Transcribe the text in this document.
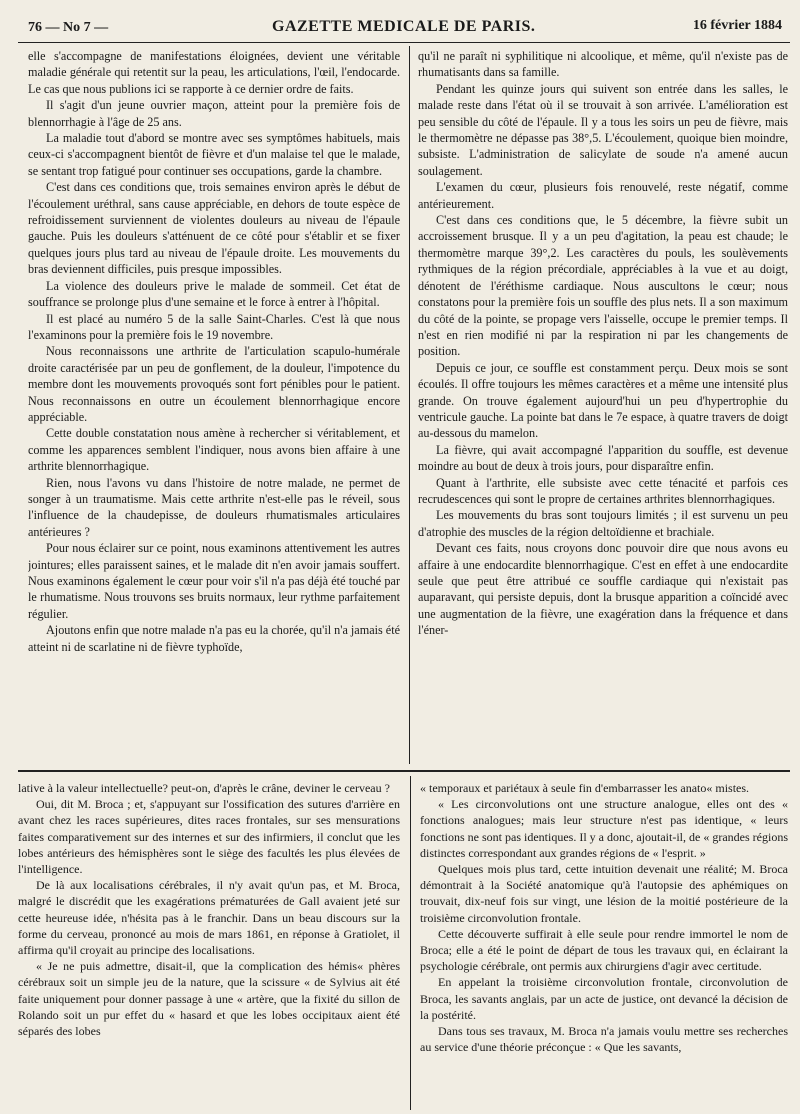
76 — No 7 —	GAZETTE MEDICALE DE PARIS.	16 février 1884

elle s'accompagne de manifestations éloignées, devient une véritable maladie générale qui retentit sur la peau, les articulations, l'œil, l'endocarde. Le cas que nous publions ici se rapporte à ce dernier ordre de faits.

Il s'agit d'un jeune ouvrier maçon, atteint pour la première fois de blennorrhagie à l'âge de 25 ans.

La maladie tout d'abord se montre avec ses symptômes habituels, mais ceux-ci s'accompagnent bientôt de fièvre et d'un malaise tel que le malade, se sentant trop fatigué pour continuer ses occupations, garde la chambre.

C'est dans ces conditions que, trois semaines environ après le début de l'écoulement uréthral, sans cause appréciable, en dehors de toute espèce de refroidissement surviennent de violentes douleurs au niveau de l'épaule gauche. Puis les douleurs s'atténuent de ce côté pour s'établir et se fixer quelques jours plus tard au niveau de l'épaule droite. Les mouvements du bras deviennent difficiles, puis presque impossibles.

La violence des douleurs prive le malade de sommeil. Cet état de souffrance se prolonge plus d'une semaine et le force à entrer à l'hôpital.

Il est placé au numéro 5 de la salle Saint-Charles. C'est là que nous l'examinons pour la première fois le 19 novembre.

Nous reconnaissons une arthrite de l'articulation scapulo-humérale droite caractérisée par un peu de gonflement, de la douleur, l'impotence du membre dont les mouvements provoqués sont fort pénibles pour le patient. Nous reconnaissons en outre un écoulement blennorrhagique encore appréciable.

Cette double constatation nous amène à rechercher si véritablement, et comme les apparences semblent l'indiquer, nous avons bien affaire à une arthrite blennorrhagique.

Rien, nous l'avons vu dans l'histoire de notre malade, ne permet de songer à un traumatisme. Mais cette arthrite n'est-elle pas le réveil, sous l'influence de la chaudepisse, de douleurs rhumatismales articulaires antérieures ?

Pour nous éclairer sur ce point, nous examinons attentivement les autres jointures; elles paraissent saines, et le malade dit n'en avoir jamais souffert. Nous examinons également le cœur pour voir s'il n'a pas déjà été touché par le rhumatisme. Nous trouvons ses bruits normaux, leur rythme parfaitement régulier.

Ajoutons enfin que notre malade n'a pas eu la chorée, qu'il n'a jamais été atteint ni de scarlatine ni de fièvre typhoïde,

qu'il ne paraît ni syphilitique ni alcoolique, et même, qu'il n'existe pas de rhumatisants dans sa famille.

Pendant les quinze jours qui suivent son entrée dans les salles, le malade reste dans l'état où il se trouvait à son arrivée. L'amélioration est peu sensible du côté de l'épaule. Il y a tous les soirs un peu de fièvre, mais le thermomètre ne dépasse pas 38°,5. L'écoulement, quoique bien moindre, subsiste. L'administration de salicylate de soude n'a amené aucun soulagement.

L'examen du cœur, plusieurs fois renouvelé, reste négatif, comme antérieurement.

C'est dans ces conditions que, le 5 décembre, la fièvre subit un accroissement brusque. Il y a un peu d'agitation, la peau est chaude; le thermomètre marque 39°,2. Les caractères du pouls, les soulèvements rythmiques de la région précordiale, appréciables à la vue et au doigt, dénotent de l'éréthisme cardiaque. Nous auscultons le cœur; nous constatons pour la première fois un souffle des plus nets. Il a son maximum du côté de la pointe, se propage vers l'aisselle, occupe le premier temps. Il n'est en rien modifié ni par la respiration ni par les changements de position.

Depuis ce jour, ce souffle est constamment perçu. Deux mois se sont écoulés. Il offre toujours les mêmes caractères et a même une intensité plus grande. On trouve également aujourd'hui un peu d'hypertrophie du ventricule gauche. La pointe bat dans le 7e espace, à quatre travers de doigt au-dessous du mamelon.

La fièvre, qui avait accompagné l'apparition du souffle, est devenue moindre au bout de deux à trois jours, pour disparaître enfin.

Quant à l'arthrite, elle subsiste avec cette ténacité et parfois ces recrudescences qui sont le propre de certaines arthrites blennorrhagiques.

Les mouvements du bras sont toujours limités ; il est survenu un peu d'atrophie des muscles de la région deltoïdienne et brachiale.

Devant ces faits, nous croyons donc pouvoir dire que nous avons eu affaire à une endocardite blennorrhagique. C'est en effet à une endocardite seule que peut être attribué ce souffle cardiaque qui n'existait pas auparavant, qui persiste depuis, dont la brusque apparition a coïncidé avec une augmentation de la fièvre, une exagération dans la fréquence et dans l'éner-

lative à la valeur intellectuelle? peut-on, d'après le crâne, deviner le cerveau ?

Oui, dit M. Broca ; et, s'appuyant sur l'ossification des sutures d'arrière en avant chez les races supérieures, dites races frontales, sur ses mensurations faites comparativement sur des internes et sur des infirmiers, il conclut que les lobes antérieurs des hémisphères sont le siège des facultés les plus élevées de l'intelligence.

De là aux localisations cérébrales, il n'y avait qu'un pas, et M. Broca, malgré le discrédit que les exagérations prématurées de Gall avaient jeté sur cette heureuse idée, n'hésita pas à le franchir. Dans un beau discours sur la forme du cerveau, prononcé au mois de mars 1861, en réponse à Gratiolet, il affirma qu'il croyait au principe des localisations.

« Je ne puis admettre, disait-il, que la complication des hémis« phères cérébraux soit un simple jeu de la nature, que la scissure « de Sylvius ait été faite uniquement pour donner passage à une « artère, que la fixité du sillon de Rolando soit un pur effet du « hasard et que les lobes occipitaux aient été séparés des lobes

« temporaux et pariétaux à seule fin d'embarrasser les anato« mistes.

« Les circonvolutions ont une structure analogue, elles ont des « fonctions analogues; mais leur structure n'est pas identique, « leurs fonctions ne sont pas identiques. Il y a donc, ajoutait-il, de « grandes régions distinctes correspondant aux grandes régions de « l'esprit. »

Quelques mois plus tard, cette intuition devenait une réalité; M. Broca démontrait à la Société anatomique qu'à l'autopsie des aphémiques on trouvait, dix-neuf fois sur vingt, une lésion de la moitié postérieure de la troisième circonvolution frontale.

Cette découverte suffirait à elle seule pour rendre immortel le nom de Broca; elle a été le point de départ de tous les travaux qui, en éclairant la psychologie cérébrale, ont permis aux chirurgiens d'agir avec certitude.

En appelant la troisième circonvolution frontale, circonvolution de Broca, les savants anglais, par un acte de justice, ont devancé la décision de la postérité.

Dans tous ses travaux, M. Broca n'a jamais voulu mettre ses recherches au service d'une théorie préconçue : « Que les savants,
